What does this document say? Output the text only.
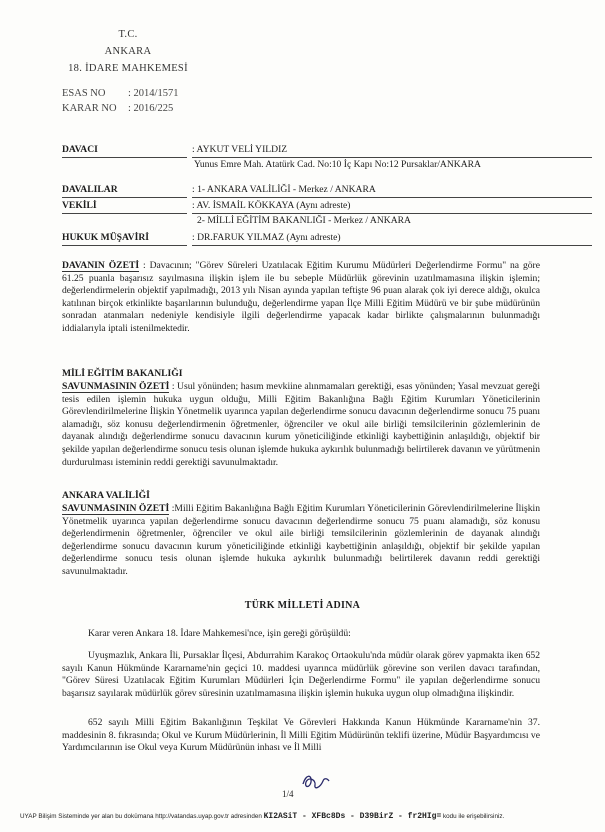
T.C.
ANKARA
18. İDARE MAHKEMESİ
ESAS NO : 2014/1571
KARAR NO : 2016/225
DAVACI	: AYKUT VELİ YILDIZ
Yunus Emre Mah. Atatürk Cad. No:10 İç Kapı No:12 Pursaklar/ANKARA
DAVALILAR	: 1- ANKARA VALİLİĞİ - Merkez / ANKARA
VEKİLİ	: AV. İSMAİL KÖKKAYA (Aynı adreste)
2- MİLLİ EĞİTİM BAKANLIĞI - Merkez / ANKARA
HUKUK MÜŞAVİRİ	: DR.FARUK YILMAZ (Aynı adreste)
DAVANIN ÖZETİ : Davacının; "Görev Süreleri Uzatılacak Eğitim Kurumu Müdürleri Değerlendirme Formu" na göre 61.25 puanla başarısız sayılmasına ilişkin işlem ile bu sebeple Müdürlük görevinin uzatılmamasına ilişkin işlemin; değerlendirmelerin objektif yapılmadığı, 2013 yılı Nisan ayında yapılan teftişte 96 puan alarak çok iyi derece aldığı, okulca katılınan birçok etkinlikte başarılarının bulunduğu, değerlendirme yapan İlçe Milli Eğitim Müdürü ve bir şube müdürünün sonradan atanmaları nedeniyle kendisiyle ilgili değerlendirme yapacak kadar birlikte çalışmalarının bulunmadığı iddialarıyla iptali istenilmektedir.
MİLİ EĞİTİM BAKANLIĞI
SAVUNMASININ ÖZETİ : Usul yönünden; hasım mevkiine alınmamaları gerektiği, esas yönünden; Yasal mevzuat gereği tesis edilen işlemin hukuka uygun olduğu, Milli Eğitim Bakanlığına Bağlı Eğitim Kurumları Yöneticilerinin Görevlendirilmelerine İlişkin Yönetmelik uyarınca yapılan değerlendirme sonucu davacının değerlendirme sonucu 75 puanı alamadığı, söz konusu değerlendirmenin öğretmenler, öğrenciler ve okul aile birliği temsilcilerinin gözlemlerinin de dayanak alındığı değerlendirme sonucu davacının kurum yöneticiliğinde etkinliği kaybettiğinin anlaşıldığı, objektif bir şekilde yapılan değerlendirme sonucu tesis olunan işlemde hukuka aykırılık bulunmadığı belirtilerek davanın ve yürütmenin durdurulması isteminin reddi gerektiği savunulmaktadır.
ANKARA VALİLİĞİ
SAVUNMASININ ÖZETİ :Milli Eğitim Bakanlığına Bağlı Eğitim Kurumları Yöneticilerinin Görevlendirilmelerine İlişkin Yönetmelik uyarınca yapılan değerlendirme sonucu davacının değerlendirme sonucu 75 puanı alamadığı, söz konusu değerlendirmenin öğretmenler, öğrenciler ve okul aile birliği temsilcilerinin gözlemlerinin de dayanak alındığı değerlendirme sonucu davacının kurum yöneticiliğinde etkinliği kaybettiğinin anlaşıldığı, objektif bir şekilde yapılan değerlendirme sonucu tesis olunan işlemde hukuka aykırılık bulunmadığı belirtilerek davanın reddi gerektiği savunulmaktadır.
TÜRK MİLLETİ ADINA
Karar veren Ankara 18. İdare Mahkemesi'nce, işin gereği görüşüldü:
Uyuşmazlık, Ankara İli, Pursaklar İlçesi, Abdurrahim Karakoç Ortaokulu'nda müdür olarak görev yapmakta iken 652 sayılı Kanun Hükmünde Kararname'nin geçici 10. maddesi uyarınca müdürlük görevine son verilen davacı tarafından, "Görev Süresi Uzatılacak Eğitim Kurumları Müdürleri İçin Değerlendirme Formu" ile yapılan değerlendirme sonucu başarısız sayılarak müdürlük görev süresinin uzatılmamasına ilişkin işlemin hukuka uygun olup olmadığına ilişkindir.
652 sayılı Milli Eğitim Bakanlığının Teşkilat Ve Görevleri Hakkında Kanun Hükmünde Kararname'nin 37. maddesinin 8. fıkrasında; Okul ve Kurum Müdürlerinin, İl Milli Eğitim Müdürünün teklifi üzerine, Müdür Başyardımcısı ve Yardımcılarının ise Okul veya Kurum Müdürünün inhası ve İl Milli
1/4
UYAP Bilişim Sisteminde yer alan bu dokümana http://vatandas.uyap.gov.tr adresinden KI2ASiT - XFBc8Ds - D39BirZ - fr2HIg= kodu ile erişebilirsiniz.
